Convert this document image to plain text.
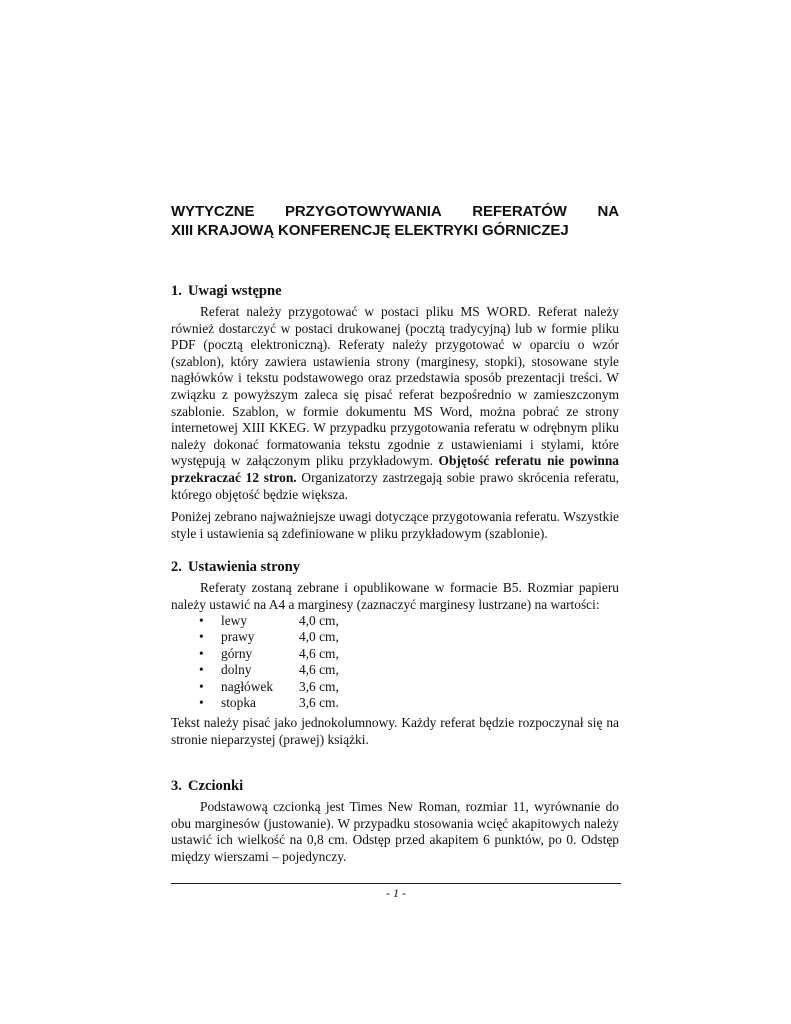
WYTYCZNE PRZYGOTOWYWANIA REFERATÓW NA
XIII KRAJOWĄ KONFERENCJĘ ELEKTRYKI GÓRNICZEJ
1. Uwagi wstępne

Referat należy przygotować w postaci pliku MS WORD. Referat należy również dostarczyć w postaci drukowanej (pocztą tradycyjną) lub w formie pliku PDF (pocztą elektroniczną). Referaty należy przygotować w oparciu o wzór (szablon), który zawiera ustawienia strony (marginesy, stopki), stosowane style nagłówków i tekstu podstawowego oraz przedstawia sposób prezentacji treści. W związku z powyższym zaleca się pisać referat bezpośrednio w zamieszczonym szablonie. Szablon, w formie dokumentu MS Word, można pobrać ze strony internetowej XIII KKEG. W przypadku przygotowania referatu w odrębnym pliku należy dokonać formatowania tekstu zgodnie z ustawieniami i stylami, które występują w załączonym pliku przykładowym. Objętość referatu nie powinna przekraczać 12 stron. Organizatorzy zastrzegają sobie prawo skrócenia referatu, którego objętość będzie większa.

Poniżej zebrano najważniejsze uwagi dotyczące przygotowania referatu. Wszystkie style i ustawienia są zdefiniowane w pliku przykładowym (szablonie).

2. Ustawienia strony

Referaty zostaną zebrane i opublikowane w formacie B5. Rozmiar papieru należy ustawić na A4 a marginesy (zaznaczyć marginesy lustrzane) na wartości:

•	lewy	4,0 cm,
•	prawy	4,0 cm,
•	górny	4,6 cm,
•	dolny	4,6 cm,
•	nagłówek	3,6 cm,
•	stopka	3,6 cm.

Tekst należy pisać jako jednokolumnowy. Każdy referat będzie rozpoczynał się na stronie nieparzystej (prawej) książki.

3. Czcionki

Podstawową czcionką jest Times New Roman, rozmiar 11, wyrównanie do obu marginesów (justowanie). W przypadku stosowania wcięć akapitowych należy ustawić ich wielkość na 0,8 cm. Odstęp przed akapitem 6 punktów, po 0. Odstęp między wierszami – pojedynczy.

- 1 -
